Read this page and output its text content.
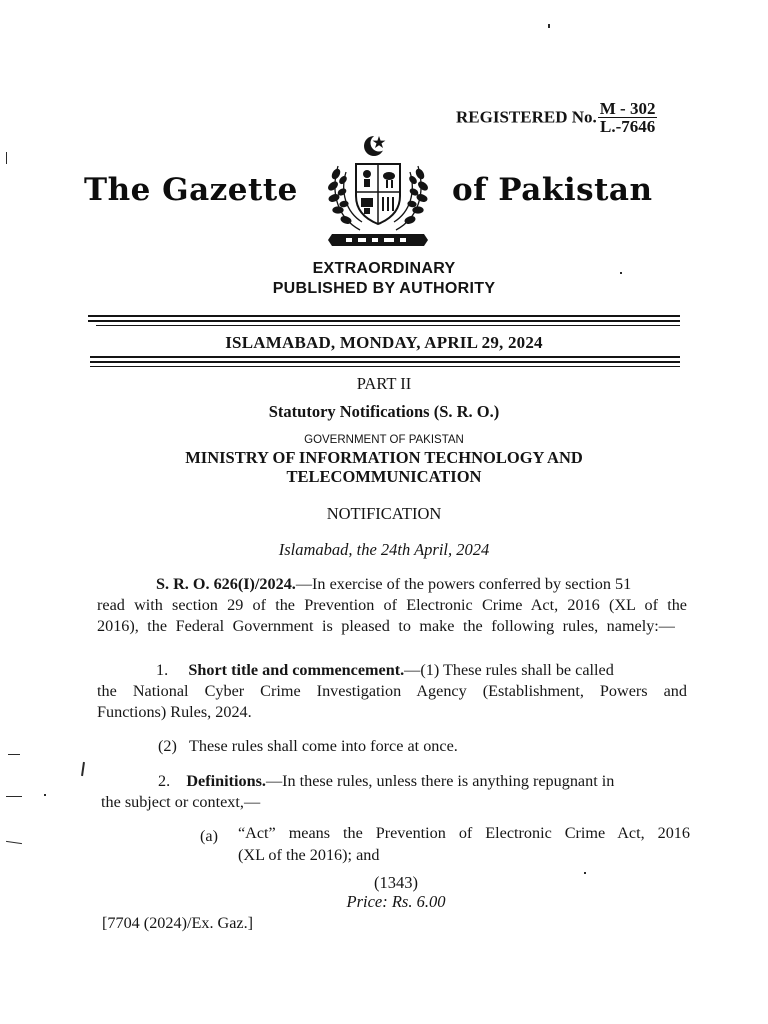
REGISTERED No. $\frac{M - 302}{L.-7646}$
The Gazette	of Pakistan
EXTRAORDINARY
PUBLISHED BY AUTHORITY
ISLAMABAD, MONDAY, APRIL 29, 2024
PART II
Statutory Notifications (S. R. O.)
GOVERNMENT OF PAKISTAN
MINISTRY OF INFORMATION TECHNOLOGY AND
TELECOMMUNICATION
NOTIFICATION
Islamabad, the 24th April, 2024
S. R. O. 626(I)/2024.—In exercise of the powers conferred by section 51
read with section 29 of the Prevention of Electronic Crime Act, 2016 (XL of the
2016), the Federal Government is pleased to make the following rules, namely:—
1. Short title and commencement.—(1) These rules shall be called
the National Cyber Crime Investigation Agency (Establishment, Powers and
Functions) Rules, 2024.
(2) These rules shall come into force at once.
2. Definitions.—In these rules, unless there is anything repugnant in
the subject or context,—
(a)	“Act” means the Prevention of Electronic Crime Act, 2016
(XL of the 2016); and
(1343)
Price: Rs. 6.00
[7704 (2024)/Ex. Gaz.]
